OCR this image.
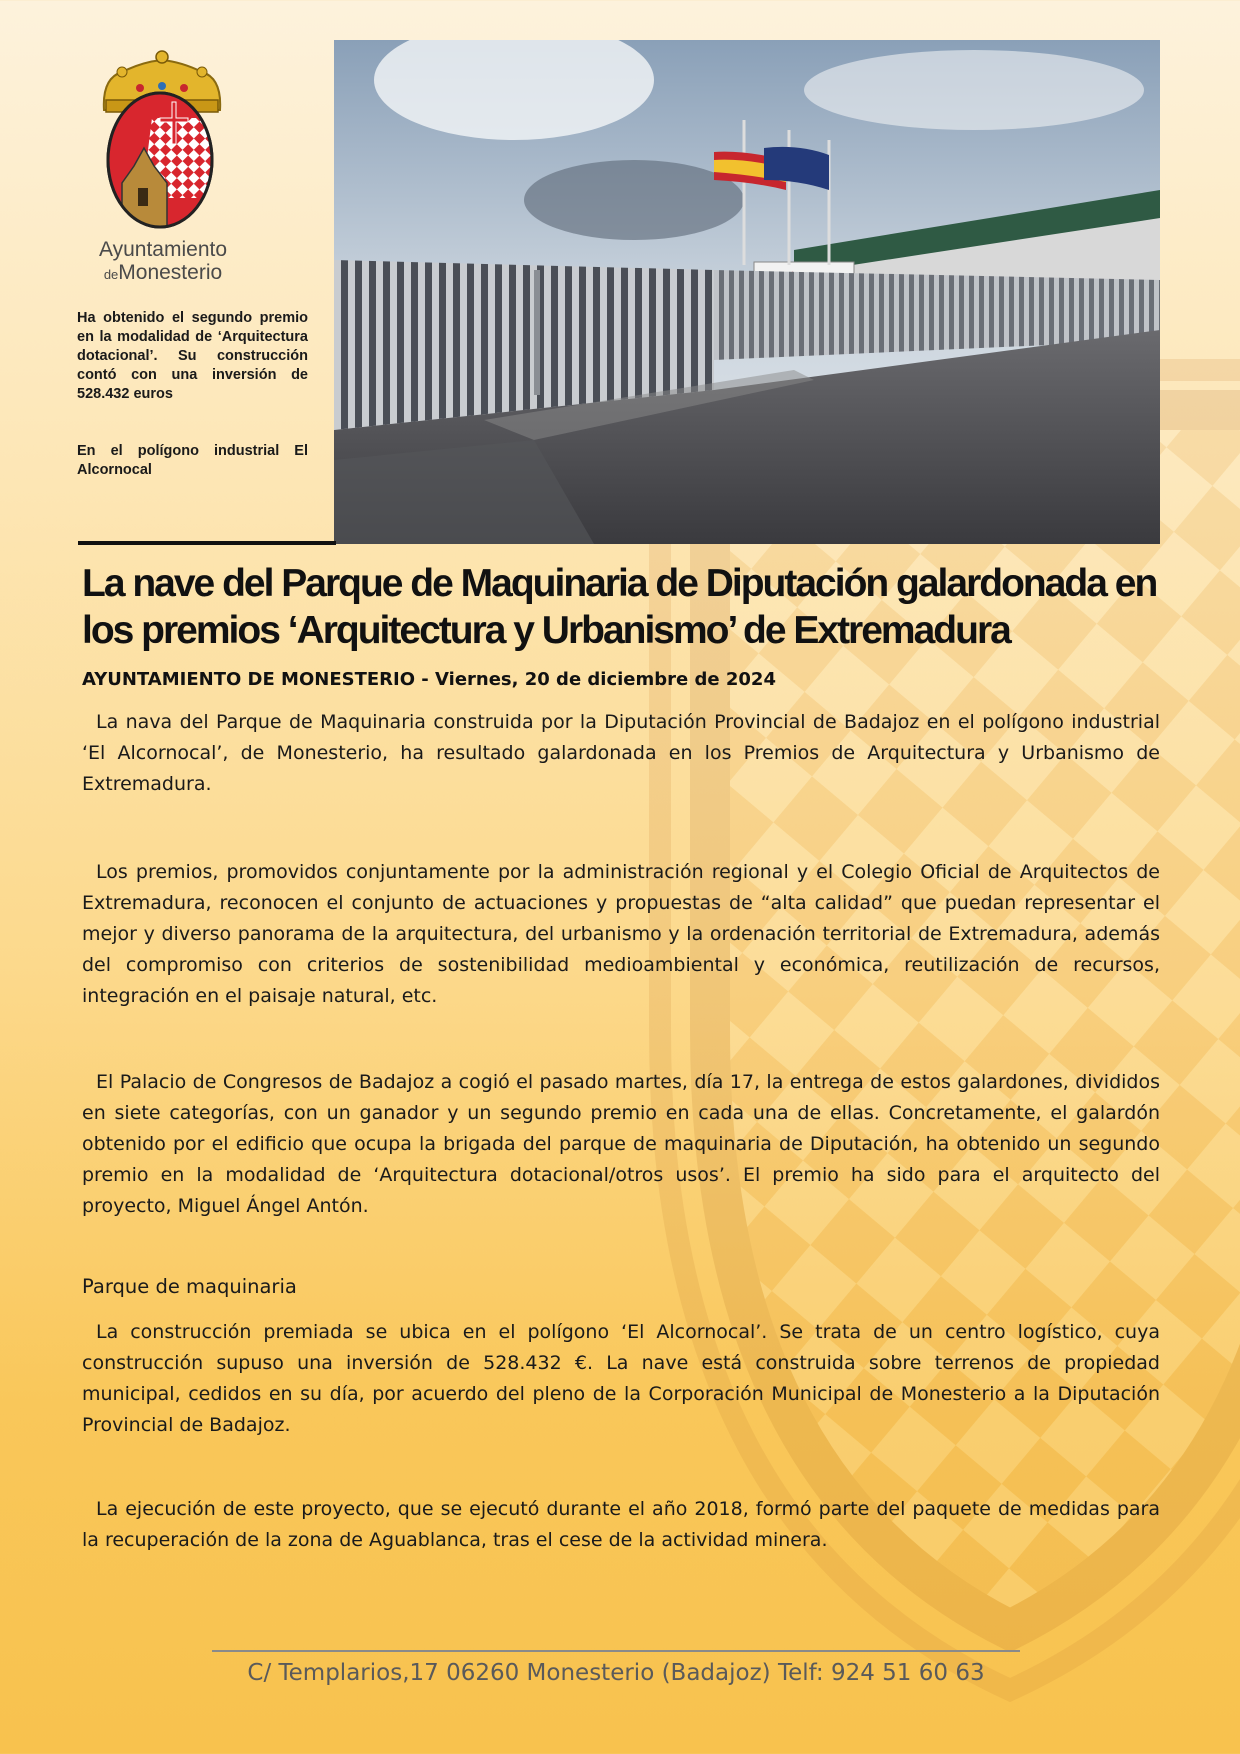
Ayuntamiento
deMonesterio

Ha obtenido el segundo premio en la modalidad de ‘Arquitectura dotacional’. Su construcción contó con una inversión de 528.432 euros

En el polígono industrial El Alcornocal

La nave del Parque de Maquinaria de Diputación galardonada en los premios ‘Arquitectura y Urbanismo’ de Extremadura
AYUNTAMIENTO DE MONESTERIO - Viernes, 20 de diciembre de 2024

La nava del Parque de Maquinaria construida por la Diputación Provincial de Badajoz en el polígono industrial ‘El Alcornocal’, de Monesterio, ha resultado galardonada en los Premios de Arquitectura y Urbanismo de Extremadura.

Los premios, promovidos conjuntamente por la administración regional y el Colegio Oficial de Arquitectos de Extremadura, reconocen el conjunto de actuaciones y propuestas de “alta calidad” que puedan representar el mejor y diverso panorama de la arquitectura, del urbanismo y la ordenación territorial de Extremadura, además del compromiso con criterios de sostenibilidad medioambiental y económica, reutilización de recursos, integración en el paisaje natural, etc.

El Palacio de Congresos de Badajoz a cogió el pasado martes, día 17, la entrega de estos galardones, divididos en siete categorías, con un ganador y un segundo premio en cada una de ellas. Concretamente, el galardón obtenido por el edificio que ocupa la brigada del parque de maquinaria de Diputación, ha obtenido un segundo premio en la modalidad de ‘Arquitectura dotacional/otros usos’. El premio ha sido para el arquitecto del proyecto, Miguel Ángel Antón.

Parque de maquinaria

La construcción premiada se ubica en el polígono ‘El Alcornocal’. Se trata de un centro logístico, cuya construcción supuso una inversión de 528.432 €. La nave está construida sobre terrenos de propiedad municipal, cedidos en su día, por acuerdo del pleno de la Corporación Municipal de Monesterio a la Diputación Provincial de Badajoz.

La ejecución de este proyecto, que se ejecutó durante el año 2018, formó parte del paquete de medidas para la recuperación de la zona de Aguablanca, tras el cese de la actividad minera.

C/ Templarios,17 06260 Monesterio (Badajoz) Telf: 924 51 60 63
